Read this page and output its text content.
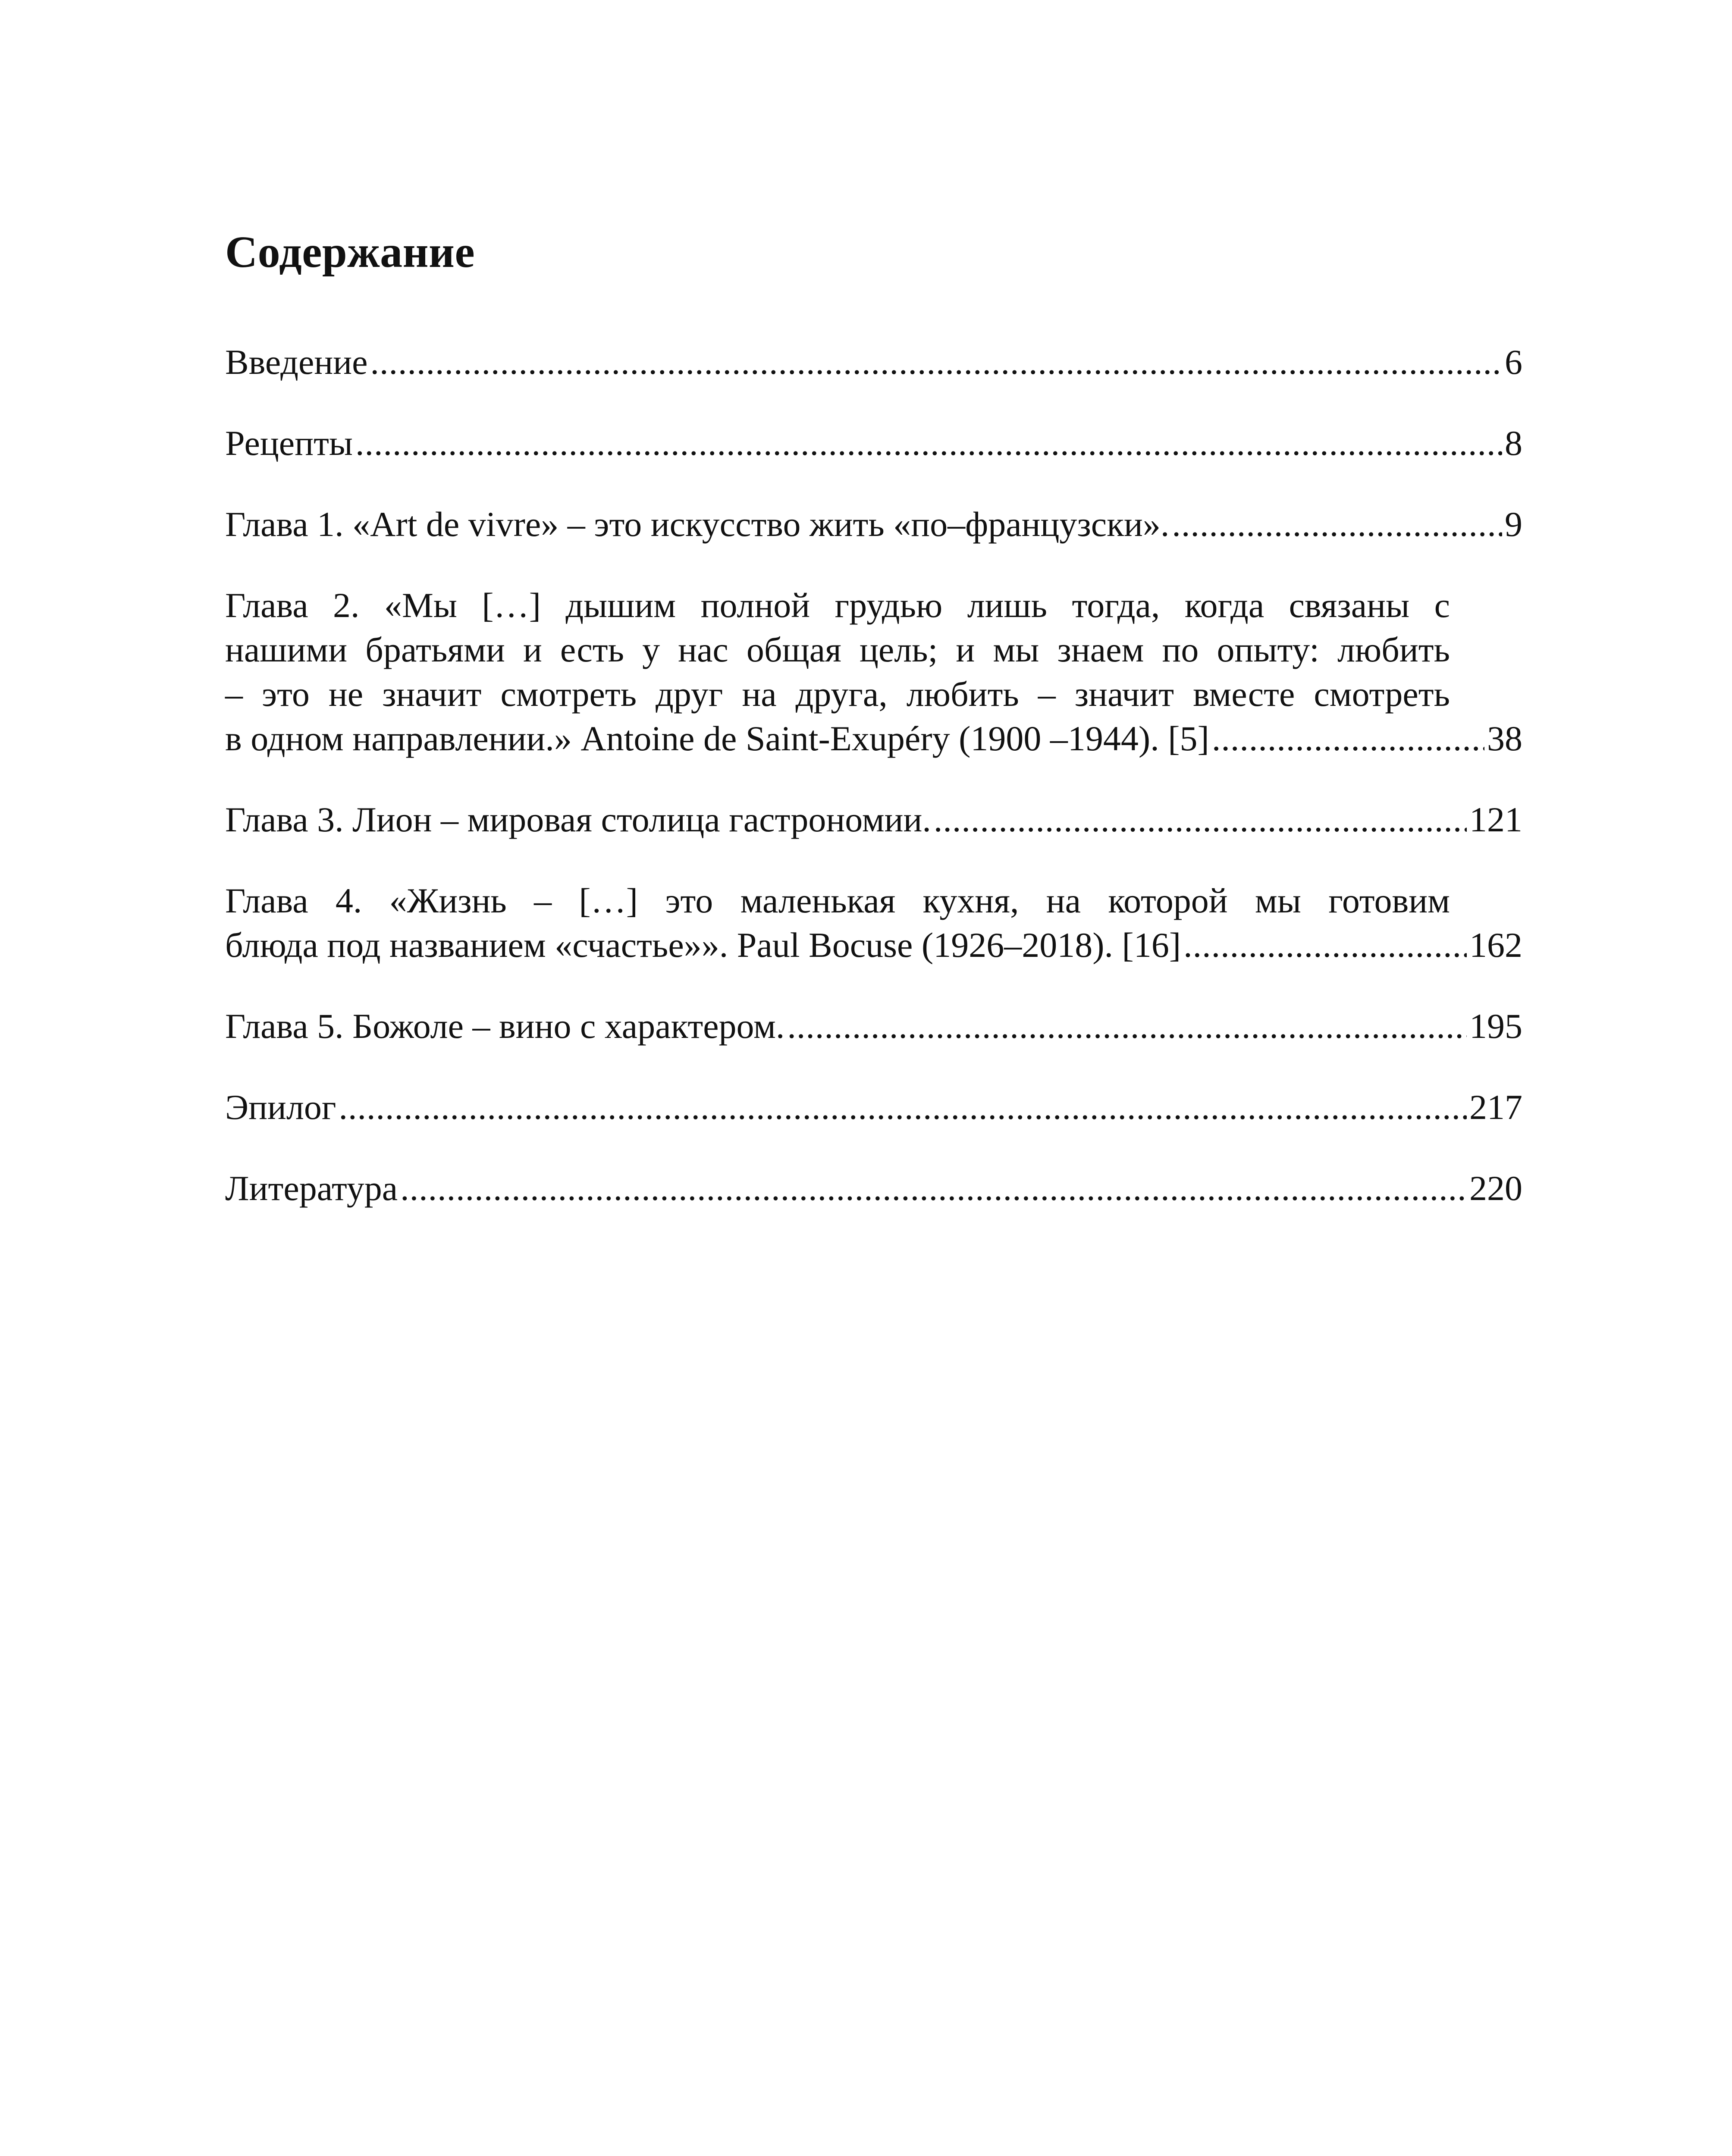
Содержание
Введение .....	6
Рецепты .....	8
Глава 1. «Art de vivre» – это искусство жить «по–французски». .....	9
Глава 2. «Мы […] дышим полной грудью лишь тогда, когда связаны с
нашими братьями и есть у нас общая цель; и мы знаем по опыту: любить
– это не значит смотреть друг на друга, любить – значит вместе смотреть
в одном направлении.» Antoine de Saint-Exupéry (1900 –1944). [5] .....	38
Глава 3. Лион – мировая столица гастрономии. .....	121
Глава 4. «Жизнь – […] это маленькая кухня, на которой мы готовим
блюда под названием «счастье»». Paul Bocuse (1926–2018). [16] .....	162
Глава 5. Божоле – вино с характером. .....	195
Эпилог .....	217
Литература .....	220
